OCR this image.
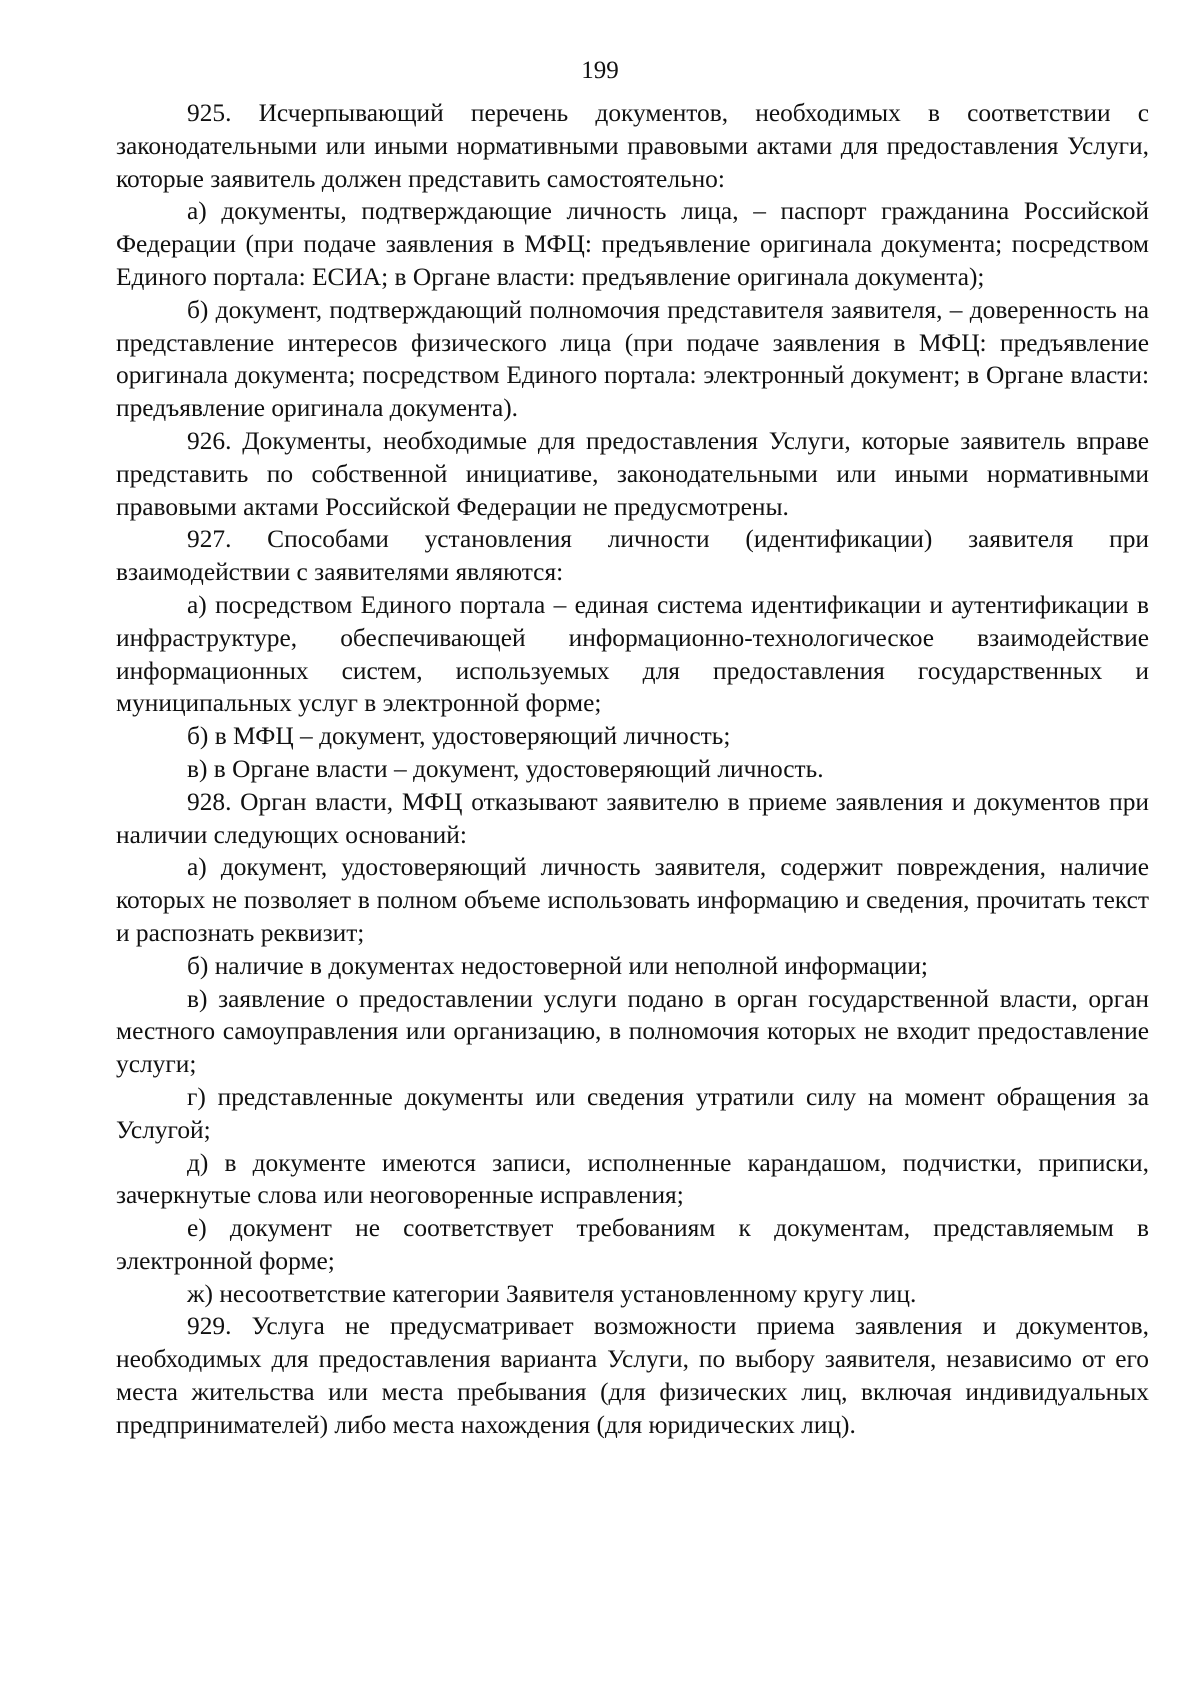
199

925. Исчерпывающий перечень документов, необходимых в соответствии с законодательными или иными нормативными правовыми актами для предоставления Услуги, которые заявитель должен представить самостоятельно:

а) документы, подтверждающие личность лица, – паспорт гражданина Российской Федерации (при подаче заявления в МФЦ: предъявление оригинала документа; посредством Единого портала: ЕСИА; в Органе власти: предъявление оригинала документа);

б) документ, подтверждающий полномочия представителя заявителя, – доверенность на представление интересов физического лица (при подаче заявления в МФЦ: предъявление оригинала документа; посредством Единого портала: электронный документ; в Органе власти: предъявление оригинала документа).

926. Документы, необходимые для предоставления Услуги, которые заявитель вправе представить по собственной инициативе, законодательными или иными нормативными правовыми актами Российской Федерации не предусмотрены.

927. Способами установления личности (идентификации) заявителя при взаимодействии с заявителями являются:

а) посредством Единого портала – единая система идентификации и аутентификации в инфраструктуре, обеспечивающей информационно-технологическое взаимодействие информационных систем, используемых для предоставления государственных и муниципальных услуг в электронной форме;

б) в МФЦ – документ, удостоверяющий личность;

в) в Органе власти – документ, удостоверяющий личность.

928. Орган власти, МФЦ отказывают заявителю в приеме заявления и документов при наличии следующих оснований:

а) документ, удостоверяющий личность заявителя, содержит повреждения, наличие которых не позволяет в полном объеме использовать информацию и сведения, прочитать текст и распознать реквизит;

б) наличие в документах недостоверной или неполной информации;

в) заявление о предоставлении услуги подано в орган государственной власти, орган местного самоуправления или организацию, в полномочия которых не входит предоставление услуги;

г) представленные документы или сведения утратили силу на момент обращения за Услугой;

д) в документе имеются записи, исполненные карандашом, подчистки, приписки, зачеркнутые слова или неоговоренные исправления;

е) документ не соответствует требованиям к документам, представляемым в электронной форме;

ж) несоответствие категории Заявителя установленному кругу лиц.

929. Услуга не предусматривает возможности приема заявления и документов, необходимых для предоставления варианта Услуги, по выбору заявителя, независимо от его места жительства или места пребывания (для физических лиц, включая индивидуальных предпринимателей) либо места нахождения (для юридических лиц).
